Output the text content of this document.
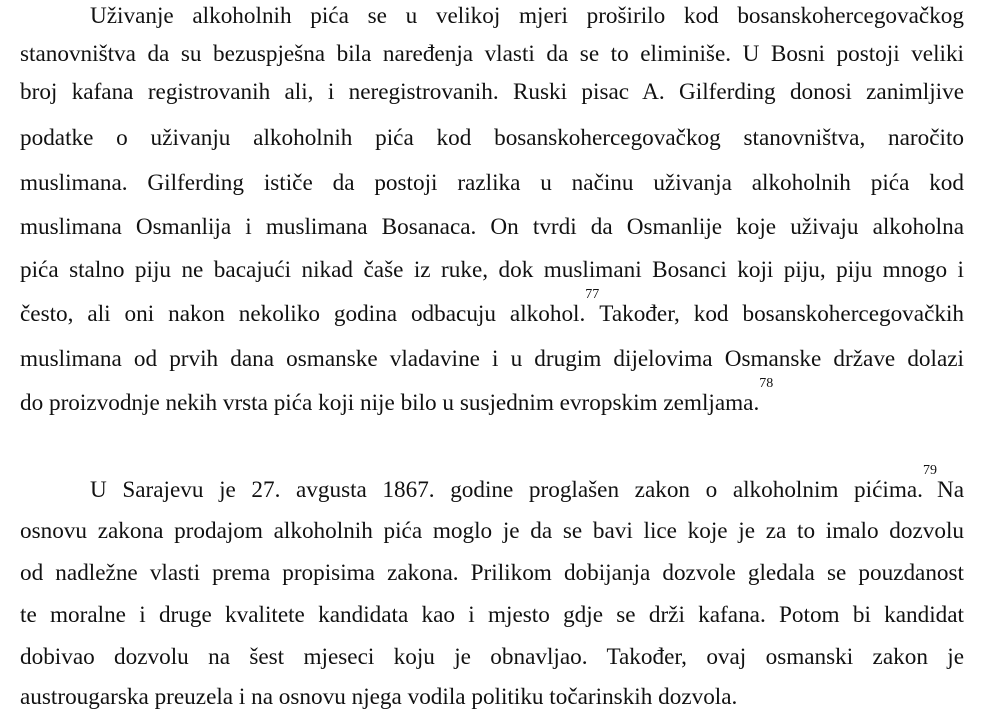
Uživanje alkoholnih pića se u velikoj mjeri proširilo kod bosanskohercegovačkog
stanovništva da su bezuspješna bila naređenja vlasti da se to eliminiše. U Bosni postoji veliki
broj kafana registrovanih ali, i neregistrovanih. Ruski pisac A. Gilferding donosi zanimljive
podatke o uživanju alkoholnih pića kod bosanskohercegovačkog stanovništva, naročito
muslimana. Gilferding ističe da postoji razlika u načinu uživanja alkoholnih pića kod
muslimana Osmanlija i muslimana Bosanaca. On tvrdi da Osmanlije koje uživaju alkoholna
pića stalno piju ne bacajući nikad čaše iz ruke, dok muslimani Bosanci koji piju, piju mnogo i
često, ali oni nakon nekoliko godina odbacuju alkohol.$^{77}$Također, kod bosanskohercegovačkih
muslimana od prvih dana osmanske vladavine i u drugim dijelovima Osmanske države dolazi
do proizvodnje nekih vrsta pića koji nije bilo u susjednim evropskim zemljama.$^{78}$
U Sarajevu je 27. avgusta 1867. godine proglašen zakon o alkoholnim pićima.$^{79}$Na
osnovu zakona prodajom alkoholnih pića moglo je da se bavi lice koje je za to imalo dozvolu
od nadležne vlasti prema propisima zakona. Prilikom dobijanja dozvole gledala se pouzdanost
te moralne i druge kvalitete kandidata kao i mjesto gdje se drži kafana. Potom bi kandidat
dobivao dozvolu na šest mjeseci koju je obnavljao. Također, ovaj osmanski zakon je
austrougarska preuzela i na osnovu njega vodila politiku točarinskih dozvola.
